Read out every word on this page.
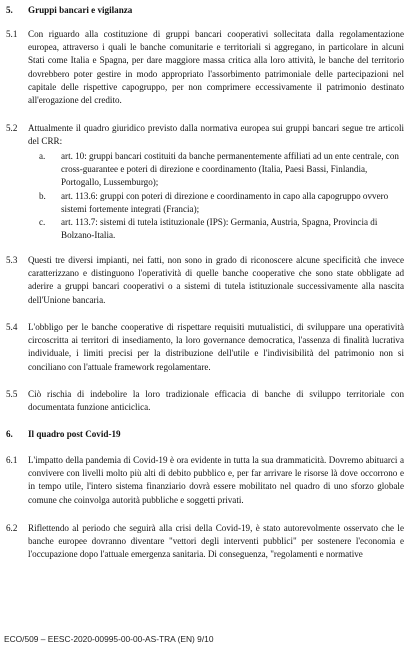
5.	Gruppi bancari e vigilanza
5.1	Con riguardo alla costituzione di gruppi bancari cooperativi sollecitata dalla regolamentazione europea, attraverso i quali le banche comunitarie e territoriali si aggregano, in particolare in alcuni Stati come Italia e Spagna, per dare maggiore massa critica alla loro attività, le banche del territorio dovrebbero poter gestire in modo appropriato l'assorbimento patrimoniale delle partecipazioni nel capitale delle rispettive capogruppo, per non comprimere eccessivamente il patrimonio destinato all'erogazione del credito.
5.2	Attualmente il quadro giuridico previsto dalla normativa europea sui gruppi bancari segue tre articoli del CRR:
a.	art. 10: gruppi bancari costituiti da banche permanentemente affiliati ad un ente centrale, con cross-guarantee e poteri di direzione e coordinamento (Italia, Paesi Bassi, Finlandia, Portogallo, Lussemburgo);
b.	art. 113.6: gruppi con poteri di direzione e coordinamento in capo alla capogruppo ovvero sistemi fortemente integrati (Francia);
c.	art. 113.7: sistemi di tutela istituzionale (IPS): Germania, Austria, Spagna, Provincia di Bolzano-Italia.
5.3	Questi tre diversi impianti, nei fatti, non sono in grado di riconoscere alcune specificità che invece caratterizzano e distinguono l'operatività di quelle banche cooperative che sono state obbligate ad aderire a gruppi bancari cooperativi o a sistemi di tutela istituzionale successivamente alla nascita dell'Unione bancaria.
5.4	L'obbligo per le banche cooperative di rispettare requisiti mutualistici, di sviluppare una operatività circoscritta ai territori di insediamento, la loro governance democratica, l'assenza di finalità lucrativa individuale, i limiti precisi per la distribuzione dell'utile e l'indivisibilità del patrimonio non si conciliano con l'attuale framework regolamentare.
5.5	Ciò rischia di indebolire la loro tradizionale efficacia di banche di sviluppo territoriale con documentata funzione anticiclica.
6.	Il quadro post Covid-19
6.1	L'impatto della pandemia di Covid-19 è ora evidente in tutta la sua drammaticità. Dovremo abituarci a convivere con livelli molto più alti di debito pubblico e, per far arrivare le risorse là dove occorrono e in tempo utile, l'intero sistema finanziario dovrà essere mobilitato nel quadro di uno sforzo globale comune che coinvolga autorità pubbliche e soggetti privati.
6.2	Riflettendo al periodo che seguirà alla crisi della Covid-19, è stato autorevolmente osservato che le banche europee dovranno diventare "vettori degli interventi pubblici" per sostenere l'economia e l'occupazione dopo l'attuale emergenza sanitaria. Di conseguenza, "regolamenti e normative
ECO/509 – EESC-2020-00995-00-00-AS-TRA (EN) 9/10
